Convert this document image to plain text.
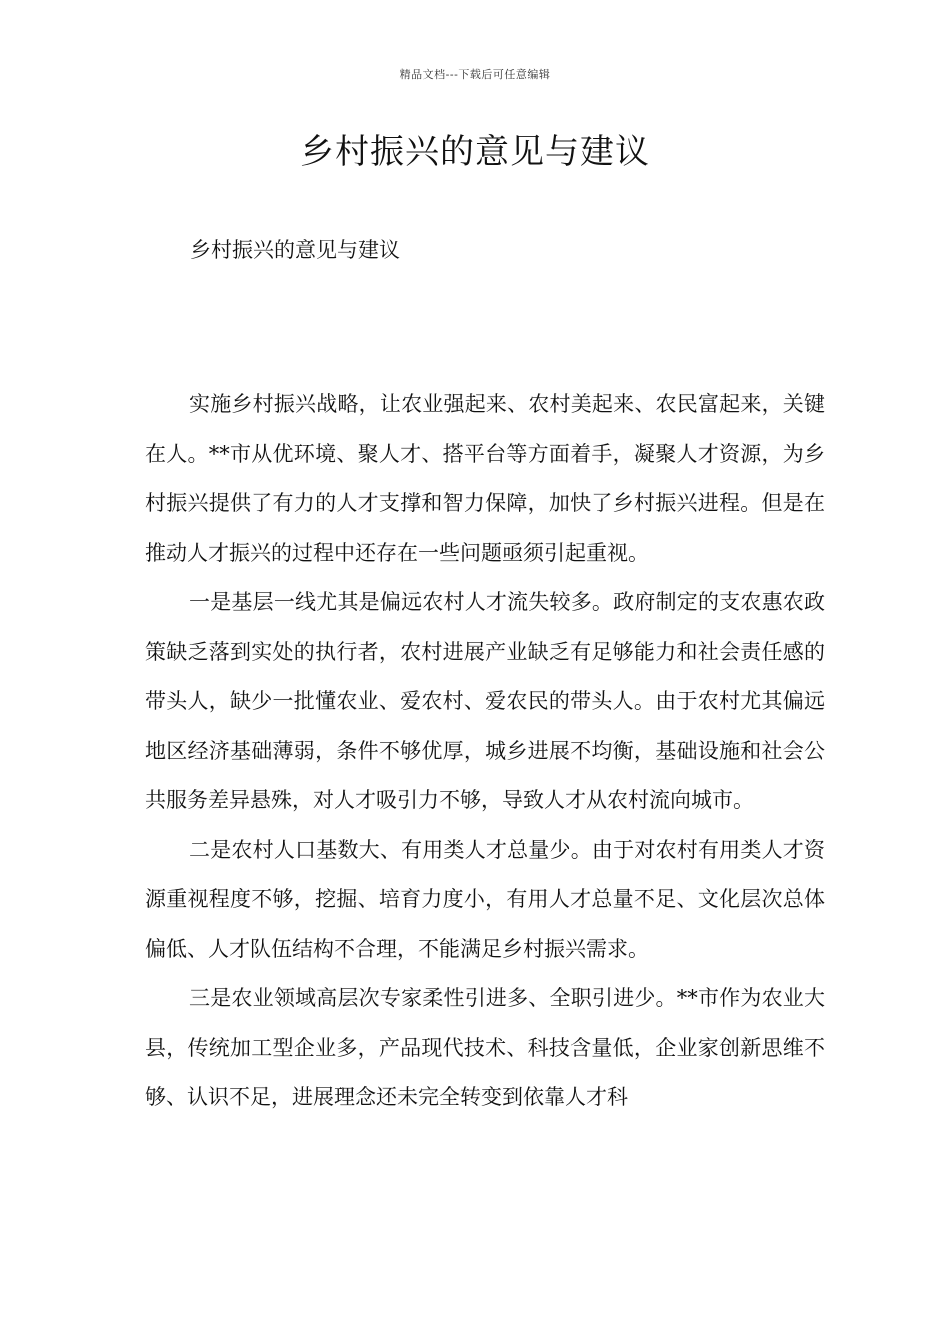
精品文档---下载后可任意编辑
乡村振兴的意见与建议

乡村振兴的意见与建议

实施乡村振兴战略，让农业强起来、农村美起来、农民富起来，关键在人。**市从优环境、聚人才、搭平台等方面着手，凝聚人才资源，为乡村振兴提供了有力的人才支撑和智力保障，加快了乡村振兴进程。但是在推动人才振兴的过程中还存在一些问题亟须引起重视。

一是基层一线尤其是偏远农村人才流失较多。政府制定的支农惠农政策缺乏落到实处的执行者，农村进展产业缺乏有足够能力和社会责任感的带头人，缺少一批懂农业、爱农村、爱农民的带头人。由于农村尤其偏远地区经济基础薄弱，条件不够优厚，城乡进展不均衡，基础设施和社会公共服务差异悬殊，对人才吸引力不够，导致人才从农村流向城市。

二是农村人口基数大、有用类人才总量少。由于对农村有用类人才资源重视程度不够，挖掘、培育力度小，有用人才总量不足、文化层次总体偏低、人才队伍结构不合理，不能满足乡村振兴需求。

三是农业领域高层次专家柔性引进多、全职引进少。**市作为农业大县，传统加工型企业多，产品现代技术、科技含量低，企业家创新思维不够、认识不足，进展理念还未完全转变到依靠人才科
